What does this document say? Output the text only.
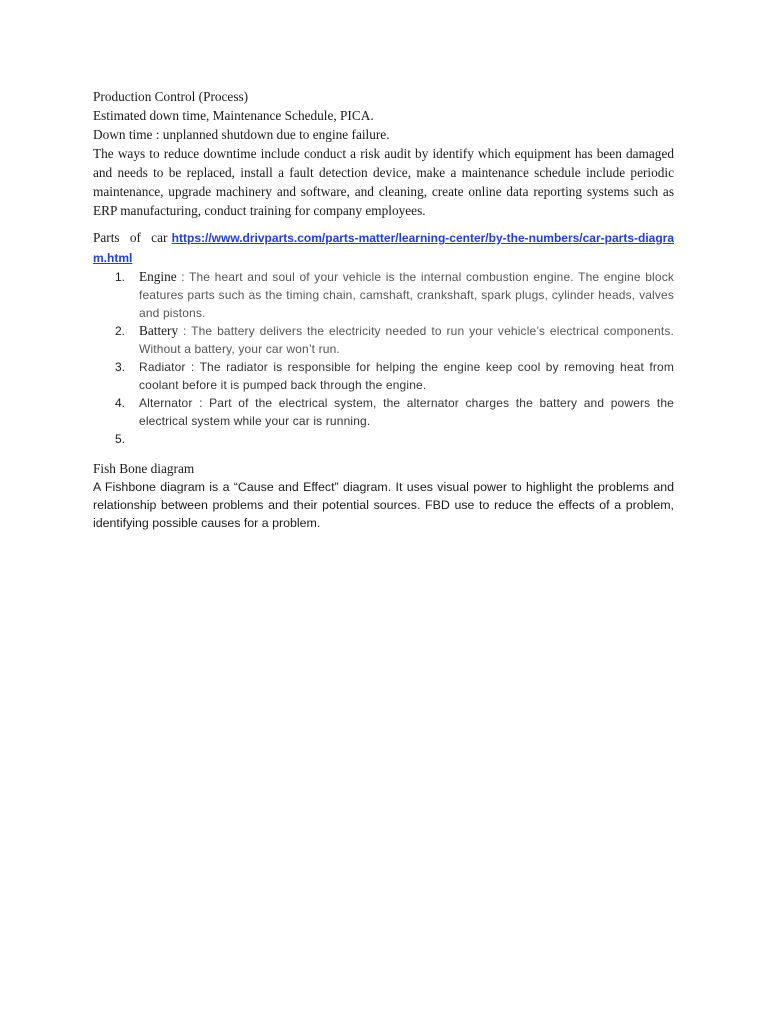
Production Control (Process)
Estimated down time, Maintenance Schedule, PICA.
Down time : unplanned shutdown due to engine failure.

The ways to reduce downtime include conduct a risk audit by identify which equipment has been damaged and needs to be replaced, install a fault detection device, make a maintenance schedule include periodic maintenance, upgrade machinery and software, and cleaning, create online data reporting systems such as ERP manufacturing, conduct training for company employees.

Parts of car https://www.drivparts.com/parts-matter/learning-center/by-the-numbers/car-parts-diagram.html
1. Engine : The heart and soul of your vehicle is the internal combustion engine. The engine block features parts such as the timing chain, camshaft, crankshaft, spark plugs, cylinder heads, valves and pistons.
2. Battery : The battery delivers the electricity needed to run your vehicle’s electrical components. Without a battery, your car won’t run.
3. Radiator : The radiator is responsible for helping the engine keep cool by removing heat from coolant before it is pumped back through the engine.
4. Alternator : Part of the electrical system, the alternator charges the battery and powers the electrical system while your car is running.
5.
Fish Bone diagram

A Fishbone diagram is a “Cause and Effect” diagram. It uses visual power to highlight the problems and relationship between problems and their potential sources. FBD use to reduce the effects of a problem, identifying possible causes for a problem.
